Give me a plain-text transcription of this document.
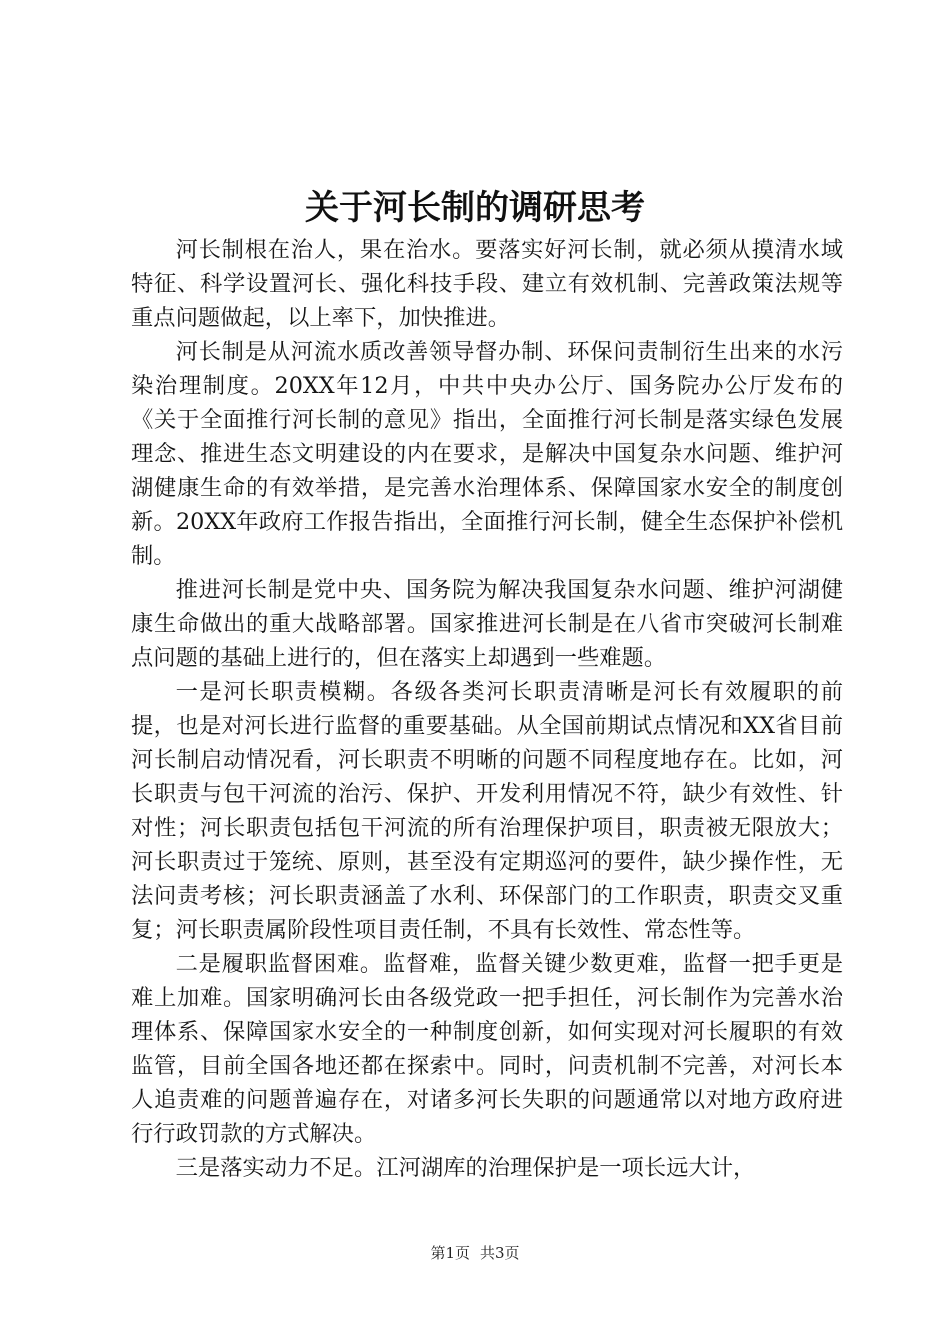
关于河长制的调研思考

河长制根在治人，果在治水。要落实好河长制，就必须从摸清水域特征、科学设置河长、强化科技手段、建立有效机制、完善政策法规等重点问题做起，以上率下，加快推进。

河长制是从河流水质改善领导督办制、环保问责制衍生出来的水污染治理制度。20XX年12月，中共中央办公厅、国务院办公厅发布的《关于全面推行河长制的意见》指出，全面推行河长制是落实绿色发展理念、推进生态文明建设的内在要求，是解决中国复杂水问题、维护河湖健康生命的有效举措，是完善水治理体系、保障国家水安全的制度创新。20XX年政府工作报告指出，全面推行河长制，健全生态保护补偿机制。

推进河长制是党中央、国务院为解决我国复杂水问题、维护河湖健康生命做出的重大战略部署。国家推进河长制是在八省市突破河长制难点问题的基础上进行的，但在落实上却遇到一些难题。

一是河长职责模糊。各级各类河长职责清晰是河长有效履职的前提，也是对河长进行监督的重要基础。从全国前期试点情况和XX省目前河长制启动情况看，河长职责不明晰的问题不同程度地存在。比如，河长职责与包干河流的治污、保护、开发利用情况不符，缺少有效性、针对性；河长职责包括包干河流的所有治理保护项目，职责被无限放大；河长职责过于笼统、原则，甚至没有定期巡河的要件，缺少操作性，无法问责考核；河长职责涵盖了水利、环保部门的工作职责，职责交叉重复；河长职责属阶段性项目责任制，不具有长效性、常态性等。

二是履职监督困难。监督难，监督关键少数更难，监督一把手更是难上加难。国家明确河长由各级党政一把手担任，河长制作为完善水治理体系、保障国家水安全的一种制度创新，如何实现对河长履职的有效监管，目前全国各地还都在探索中。同时，问责机制不完善，对河长本人追责难的问题普遍存在，对诸多河长失职的问题通常以对地方政府进行行政罚款的方式解决。

三是落实动力不足。江河湖库的治理保护是一项长远大计，

第1页 共3页
